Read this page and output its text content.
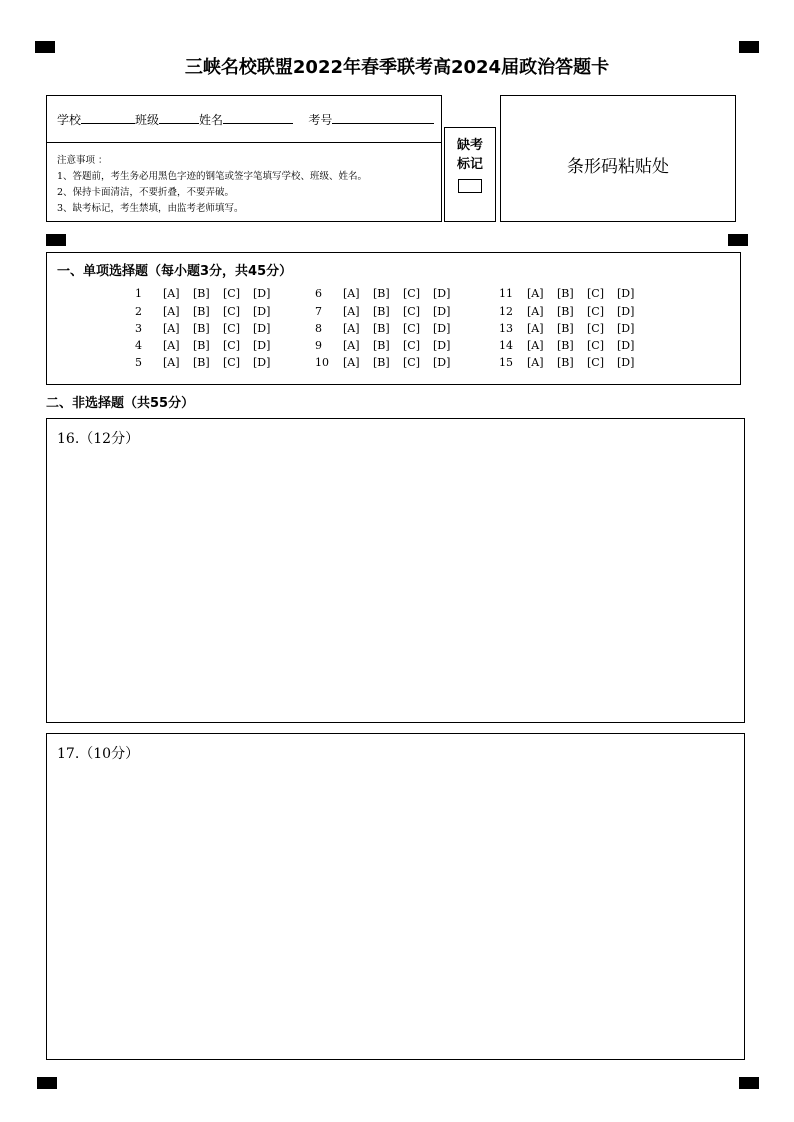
三峡名校联盟2022年春季联考高2024届政治答题卡
学校	班级	姓名	考号
注意事项 ：
1、答题前，考生务必用黑色字迹的钢笔或签字笔填写学校、班级、姓名。
2、保持卡面清洁，不要折叠，不要弄破。
3、缺考标记，考生禁填，由监考老师填写。
缺考
标记	条形码粘贴处
一、单项选择题（每小题3分，共45分）
1 [A] [B] [C] [D]
2 [A] [B] [C] [D]
3 [A] [B] [C] [D]
4 [A] [B] [C] [D]
5 [A] [B] [C] [D]
6 [A] [B] [C] [D]
7 [A] [B] [C] [D]
8 [A] [B] [C] [D]
9 [A] [B] [C] [D]
10 [A] [B] [C] [D]
11 [A] [B] [C] [D]
12 [A] [B] [C] [D]
13 [A] [B] [C] [D]
14 [A] [B] [C] [D]
15 [A] [B] [C] [D]
二、非选择题（共55分）
16.（12分）
17.（10分）
